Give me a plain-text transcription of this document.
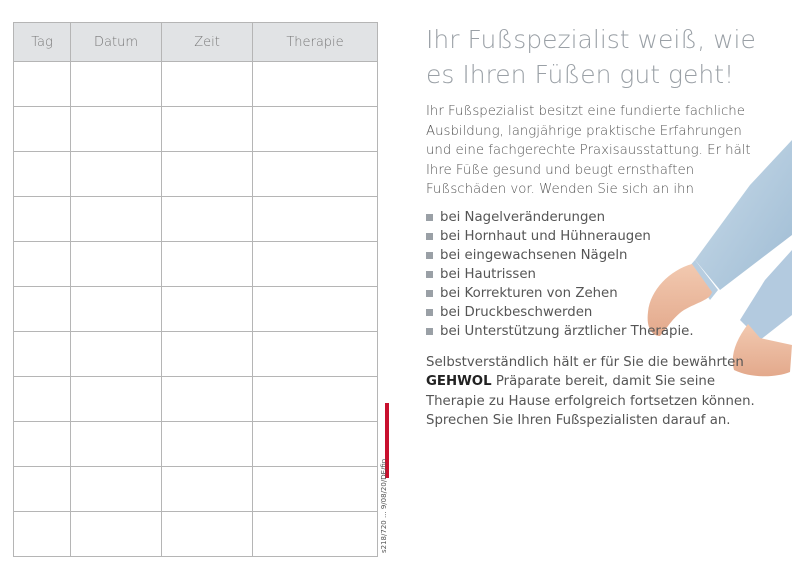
Tag	Datum	Zeit	Therapie

s218/720 ... 9/08/20/DE/fin
Ihr Fußspezialist weiß, wie
es Ihren Füßen gut geht!

Ihr Fußspezialist besitzt eine fundierte fachliche Ausbildung, langjährige praktische Erfahrungen und eine fachgerechte Praxisausstattung. Er hält Ihre Füße gesund und beugt ernsthaften Fußschäden vor. Wenden Sie sich an ihn

bei Nagelveränderungen
bei Hornhaut und Hühneraugen
bei eingewachsenen Nägeln
bei Hautrissen
bei Korrekturen von Zehen
bei Druckbeschwerden
bei Unterstützung ärztlicher Therapie.

Selbstverständlich hält er für Sie die bewährten GEHWOL Präparate bereit, damit Sie seine Therapie zu Hause erfolgreich fortsetzen können. Sprechen Sie Ihren Fußspezialisten darauf an.
